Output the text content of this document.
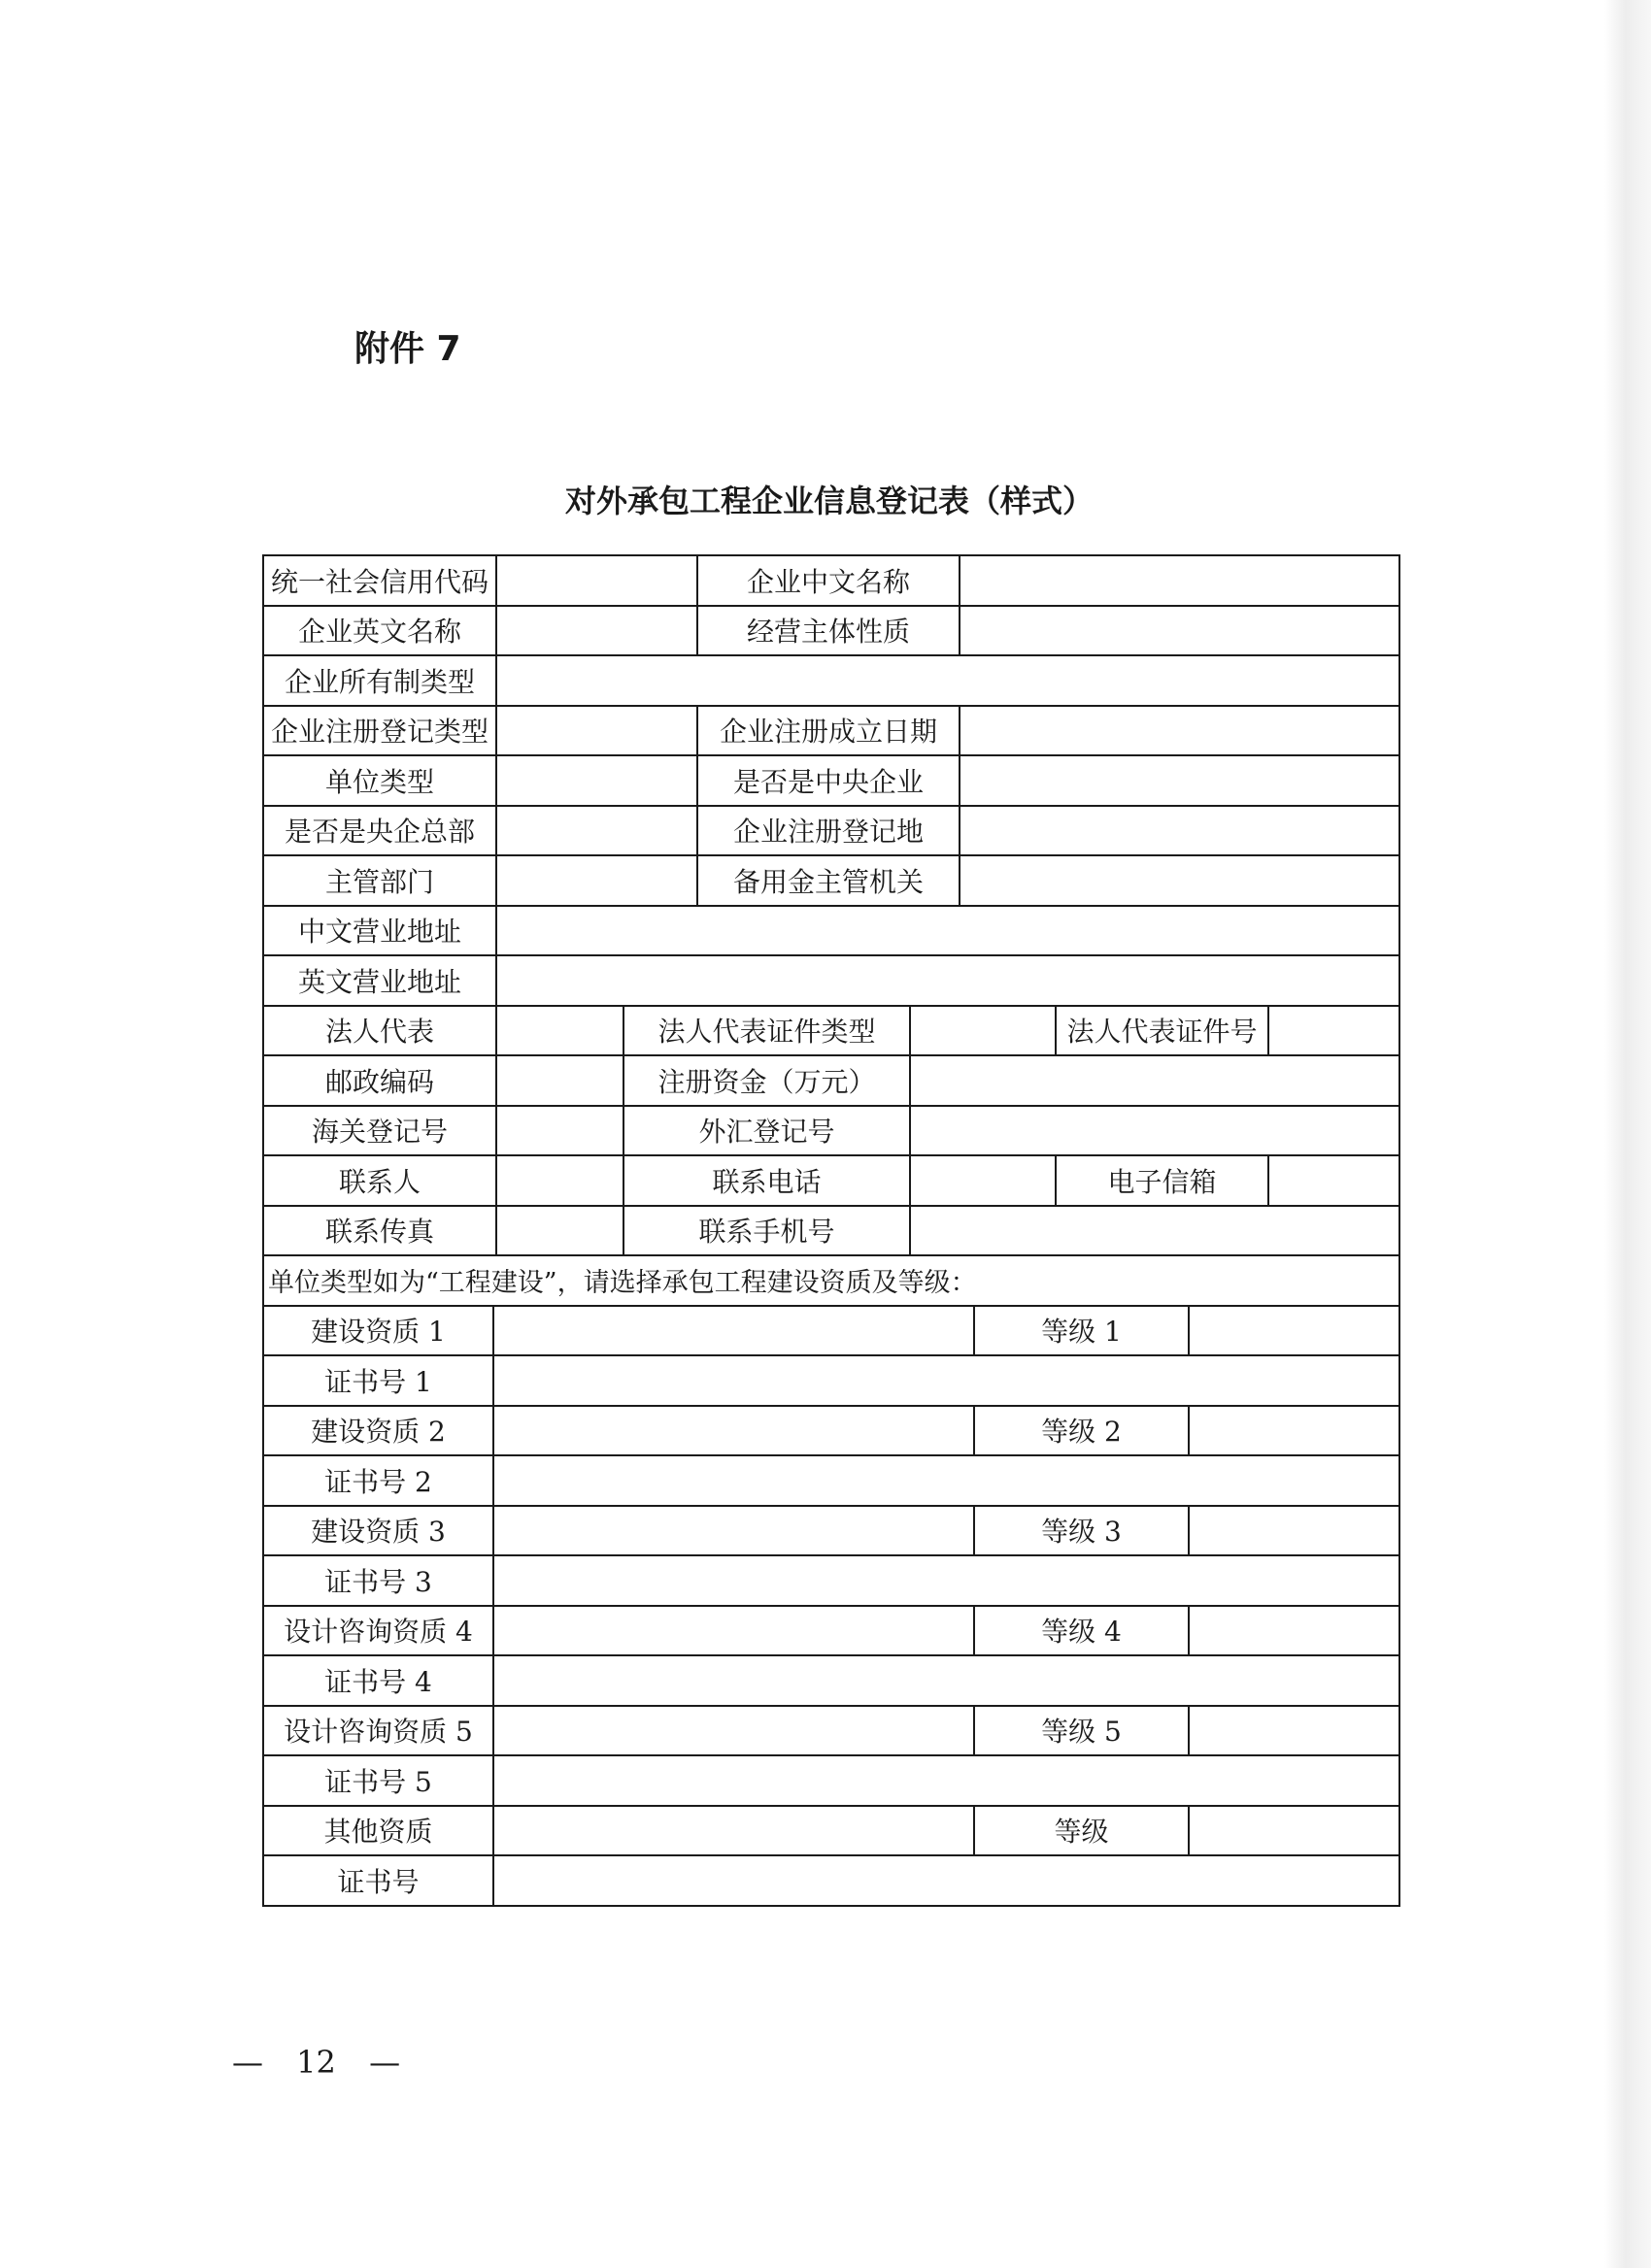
附件 7
对外承包工程企业信息登记表（样式）
统一社会信用代码	企业中文名称
企业英文名称	经营主体性质
企业所有制类型
企业注册登记类型	企业注册成立日期
单位类型	是否是中央企业
是否是央企总部	企业注册登记地
主管部门	备用金主管机关
中文营业地址
英文营业地址
法人代表	法人代表证件类型	法人代表证件号
邮政编码	注册资金（万元）
海关登记号	外汇登记号
联系人	联系电话	电子信箱
联系传真	联系手机号
单位类型如为“工程建设”，请选择承包工程建设资质及等级：
建设资质 1	等级 1
证书号 1
建设资质 2	等级 2
证书号 2
建设资质 3	等级 3
证书号 3
设计咨询资质 4	等级 4
证书号 4
设计咨询资质 5	等级 5
证书号 5
其他资质	等级
证书号
— 12 —
